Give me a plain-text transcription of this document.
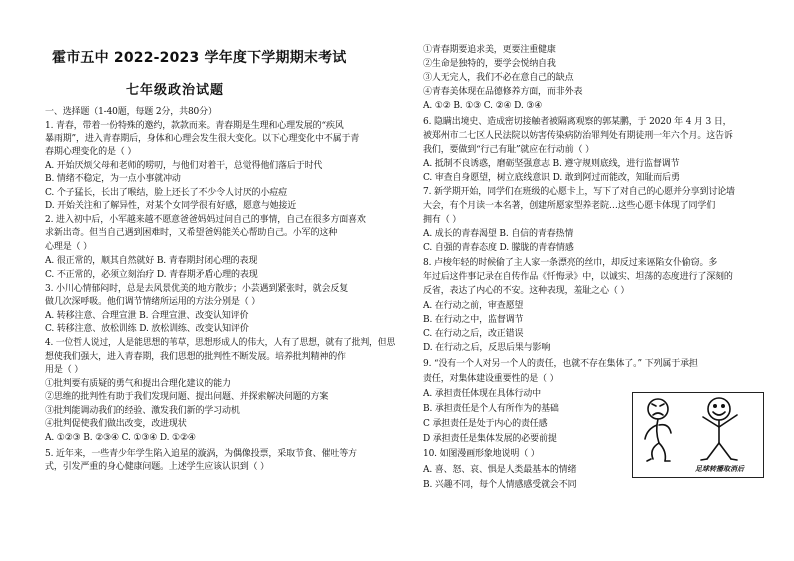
霍市五中 2022-2023 学年度下学期期末考试
七年级政治试题
一、选择题（1-40题，每题 2分，共80分）
1. 青春，带着一份特殊的邀约，款款而来。青春期是生理和心理发展的“疾风
暴雨期”，进入青春期后，身体和心理会发生很大变化。以下心理变化中不属于青
春期心理变化的是（ ）
A. 开始厌烦父母和老师的唠叨，与他们对着干，总觉得他们落后于时代
B. 情绪不稳定，为一点小事就冲动
C. 个子猛长，长出了喉结，脸上还长了不少令人讨厌的小痘痘
D. 开始关注和了解异性，对某个女同学很有好感，愿意与她接近
2. 进入初中后，小军越来越不愿意爸爸妈妈过问自己的事情，自己在很多方面喜欢
求新出奇。但当自己遇到困难时，又希望爸妈能关心帮助自己。小军的这种
心理是（ ）
A. 很正常的，顺其自然就好 B. 青春期封闭心理的表现
C. 不正常的，必须立刻治疗 D. 青春期矛盾心理的表现
3. 小川心情郁闷时，总是去风景优美的地方散步；小芸遇到紧张时，就会反复
做几次深呼吸。他们调节情绪所运用的方法分别是（ ）
A. 转移注意、合理宣泄 B. 合理宣泄、改变认知评价
C. 转移注意、放松训练 D. 放松训练、改变认知评价
4. 一位哲人说过，人是能思想的苇草，思想形成人的伟大，人有了思想，就有了批判，但思
想使我们强大，进入青春期，我们思想的批判性不断发展。培养批判精神的作
用是（ ）
①批判要有质疑的勇气和提出合理化建议的能力
②思维的批判性有助于我们发现问题、提出问题、并探索解决问题的方案
③批判能调动我们的经验、激发我们新的学习动机
④批判促使我们做出改变，改进现状
A. ①②③ B. ②③④ C. ①③④ D. ①②④
5. 近年来，一些青少年学生陷入追星的漩涡，为偶像投票，采取节食、催吐等方
式，引发严重的身心健康问题。上述学生应该认识到（ ）
①青春期要追求美，更要注重健康
②生命是独特的，要学会悦纳自我
③人无完人，我们不必在意自己的缺点
④青春美体现在品德修养方面，而非外表
A. ①② B. ①③ C. ②④ D. ③④
6. 隐瞒出境史、造成密切接触者被隔离观察的郭某鹏，于 2020 年 4 月 3 日，
被郑州市二七区人民法院以妨害传染病防治罪判处有期徒刑一年六个月。这告诉
我们，要做到“行己有耻”就应在行动前（ ）
A. 抵制不良诱惑，磨砺坚强意志 B. 遵守规则底线，进行监督调节
C. 审查自身愿望，树立底线意识 D. 敢到阿过而能改，知耻而后勇
7. 新学期开始，同学们在班级的心愿卡上，写下了对自己的心愿并分享到讨论墙
大会，有个月读一本名著，创建所愿家型养老院…这些心愿卡体现了同学们
拥有（ ）
A. 成长的青春渴望 B. 自信的青春热情
C. 自强的青春态度 D. 朦胧的青春情感
8. 卢梭年轻的时候偷了主人家一条漂亮的丝巾，却反过来诬陷女仆偷窃。多
年过后这件事记录在自传作品《忏悔录》中，以诚实、坦荡的态度进行了深刻的
反省，表达了内心的不安。这种表现，羞耻之心（ ）
A. 在行动之前，审查愿望
B. 在行动之中，监督调节
C. 在行动之后，改正错误
D. 在行动之后，反思后果与影响
9. “没有一个人对另一个人的责任，也就不存在集体了。” 下列属于承担
责任，对集体建设重要性的是（ ）
A. 承担责任体现在具体行动中
B. 承担责任是个人有所作为的基础
C 承担责任是处于内心的责任感
D 承担责任是集体发展的必要前提
10. 如图漫画形象地说明（ ）
A. 喜、怒、哀、惧是人类最基本的情绪
B. 兴趣不同，每个人情感感受就会不同
足球转播取消后
